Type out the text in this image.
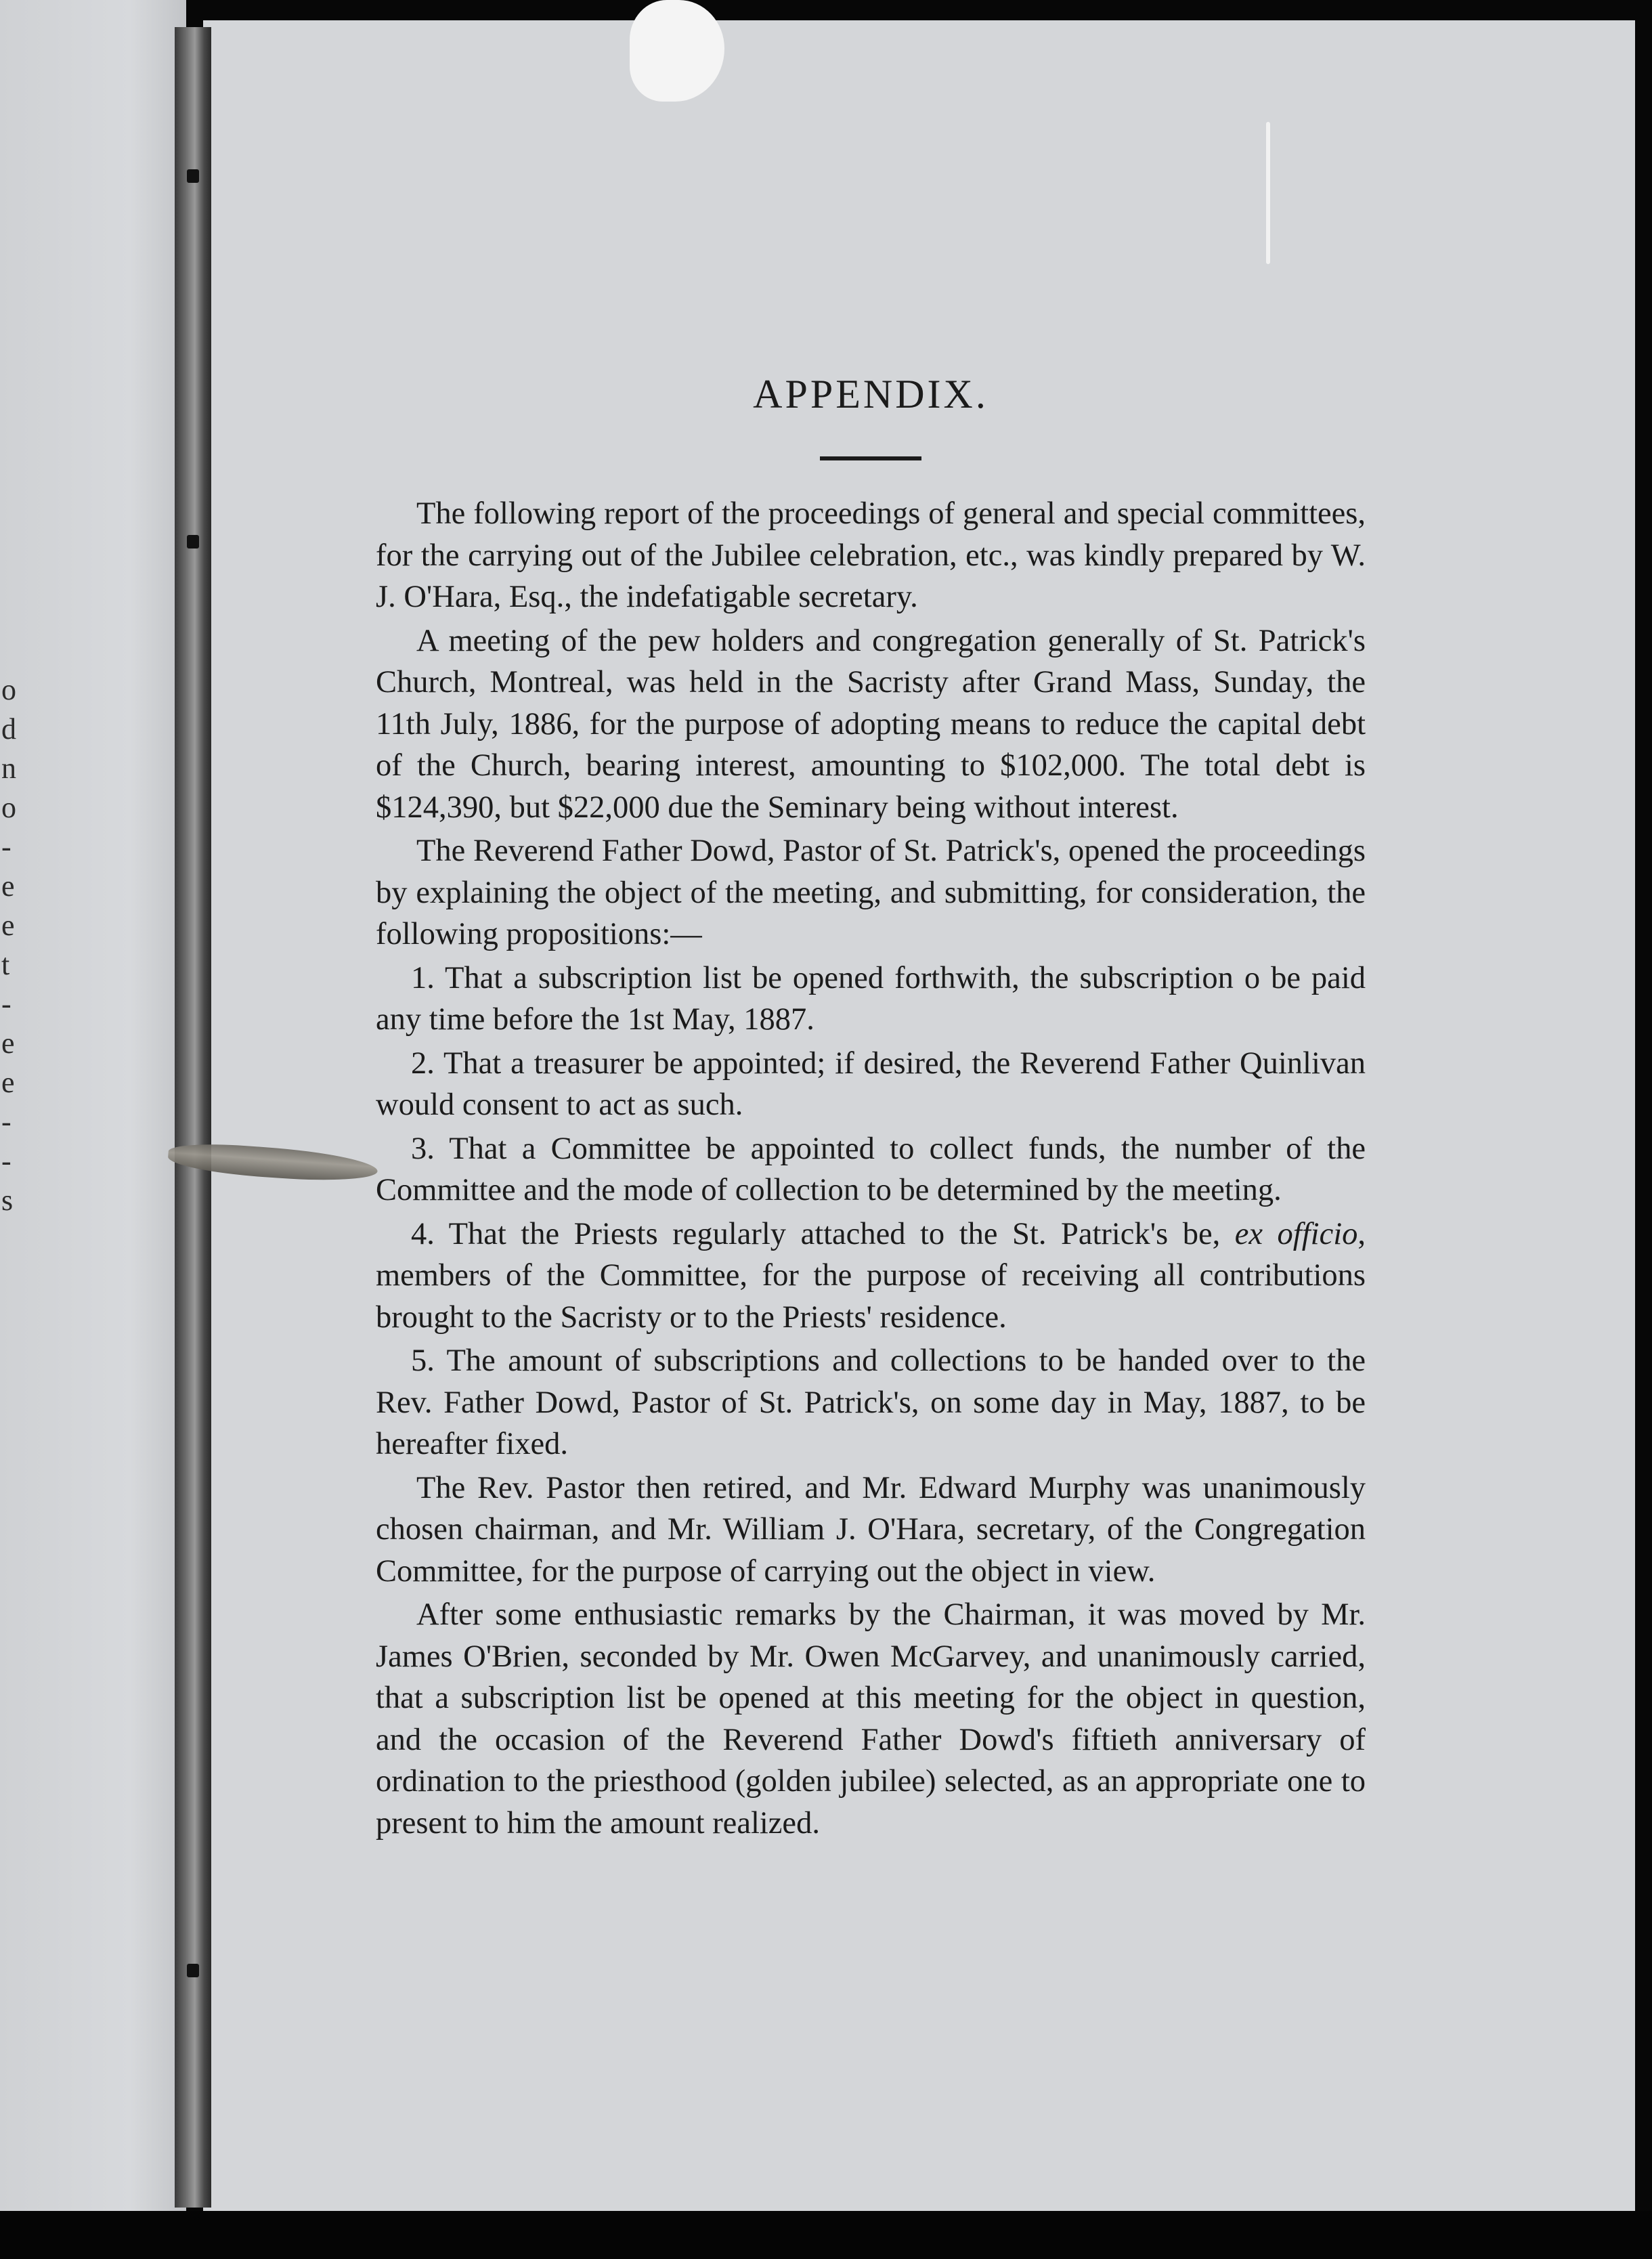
o
d
n
o
-
e
e
t
-
e
e
-
-
s
APPENDIX.

The following report of the proceedings of general and special committees, for the carrying out of the Jubilee celebration, etc., was kindly prepared by W. J. O'Hara, Esq., the indefatigable secretary.

A meeting of the pew holders and congregation generally of St. Patrick's Church, Montreal, was held in the Sacristy after Grand Mass, Sunday, the 11th July, 1886, for the purpose of adopting means to reduce the capital debt of the Church, bearing interest, amounting to $102,000. The total debt is $124,390, but $22,000 due the Seminary being without interest.

The Reverend Father Dowd, Pastor of St. Patrick's, opened the proceedings by explaining the object of the meeting, and submitting, for consideration, the following propositions:—

1. That a subscription list be opened forthwith, the subscription o be paid any time before the 1st May, 1887.

2. That a treasurer be appointed; if desired, the Reverend Father Quinlivan would consent to act as such.

3. That a Committee be appointed to collect funds, the number of the Committee and the mode of collection to be determined by the meeting.

4. That the Priests regularly attached to the St. Patrick's be, ex officio, members of the Committee, for the purpose of receiving all contributions brought to the Sacristy or to the Priests' residence.

5. The amount of subscriptions and collections to be handed over to the Rev. Father Dowd, Pastor of St. Patrick's, on some day in May, 1887, to be hereafter fixed.

The Rev. Pastor then retired, and Mr. Edward Murphy was unanimously chosen chairman, and Mr. William J. O'Hara, secretary, of the Congregation Committee, for the purpose of carrying out the object in view.

After some enthusiastic remarks by the Chairman, it was moved by Mr. James O'Brien, seconded by Mr. Owen McGarvey, and unanimously carried, that a subscription list be opened at this meeting for the object in question, and the occasion of the Reverend Father Dowd's fiftieth anniversary of ordination to the priesthood (golden jubilee) selected, as an appropriate one to present to him the amount realized.
